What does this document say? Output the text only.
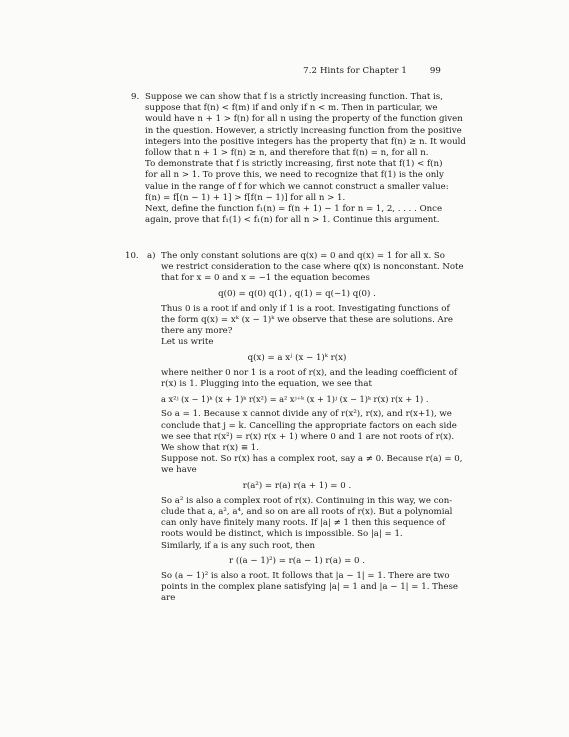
7.2 Hints for Chapter 1	99
9. Suppose we can show that f is a strictly increasing function. That is,
suppose that f(n) < f(m) if and only if n < m. Then in particular, we
would have n + 1 > f(n) for all n using the property of the function given
in the question. However, a strictly increasing function from the positive
integers into the positive integers has the property that f(n) ≥ n. It would
follow that n + 1 > f(n) ≥ n, and therefore that f(n) = n, for all n.
To demonstrate that f is strictly increasing, first note that f(1) < f(n)
for all n > 1. To prove this, we need to recognize that f(1) is the only
value in the range of f for which we cannot construct a smaller value:
f(n) = f[(n − 1) + 1] > f[f(n − 1)] for all n > 1.
Next, define the function f₁(n) = f(n + 1) − 1 for n = 1, 2, . . . . Once
again, prove that f₁(1) < f₁(n) for all n > 1. Continue this argument.
10. a) The only constant solutions are q(x) = 0 and q(x) = 1 for all x. So
we restrict consideration to the case where q(x) is nonconstant. Note
that for x = 0 and x = −1 the equation becomes
q(0) = q(0) q(1) , q(1) = q(−1) q(0) .
Thus 0 is a root if and only if 1 is a root. Investigating functions of
the form q(x) = xᵏ (x − 1)ᵏ we observe that these are solutions. Are
there any more?
Let us write
q(x) = a xʲ (x − 1)ᵏ r(x)
where neither 0 nor 1 is a root of r(x), and the leading coefficient of
r(x) is 1. Plugging into the equation, we see that
a x²ʲ (x − 1)ᵏ (x + 1)ᵏ r(x²) = a² xʲ⁺ᵏ (x + 1)ʲ (x − 1)ᵏ r(x) r(x + 1) .
So a = 1. Because x cannot divide any of r(x²), r(x), and r(x+1), we
conclude that j = k. Cancelling the appropriate factors on each side
we see that r(x²) = r(x) r(x + 1) where 0 and 1 are not roots of r(x).
We show that r(x) ≡ 1.
Suppose not. So r(x) has a complex root, say a ≠ 0. Because r(a) = 0,
we have
r(a²) = r(a) r(a + 1) = 0 .
So a² is also a complex root of r(x). Continuing in this way, we con-
clude that a, a², a⁴, and so on are all roots of r(x). But a polynomial
can only have finitely many roots. If |a| ≠ 1 then this sequence of
roots would be distinct, which is impossible. So |a| = 1.
Similarly, if a is any such root, then
r ((a − 1)²) = r(a − 1) r(a) = 0 .
So (a − 1)² is also a root. It follows that |a − 1| = 1. There are two
points in the complex plane satisfying |a| = 1 and |a − 1| = 1. These
are
